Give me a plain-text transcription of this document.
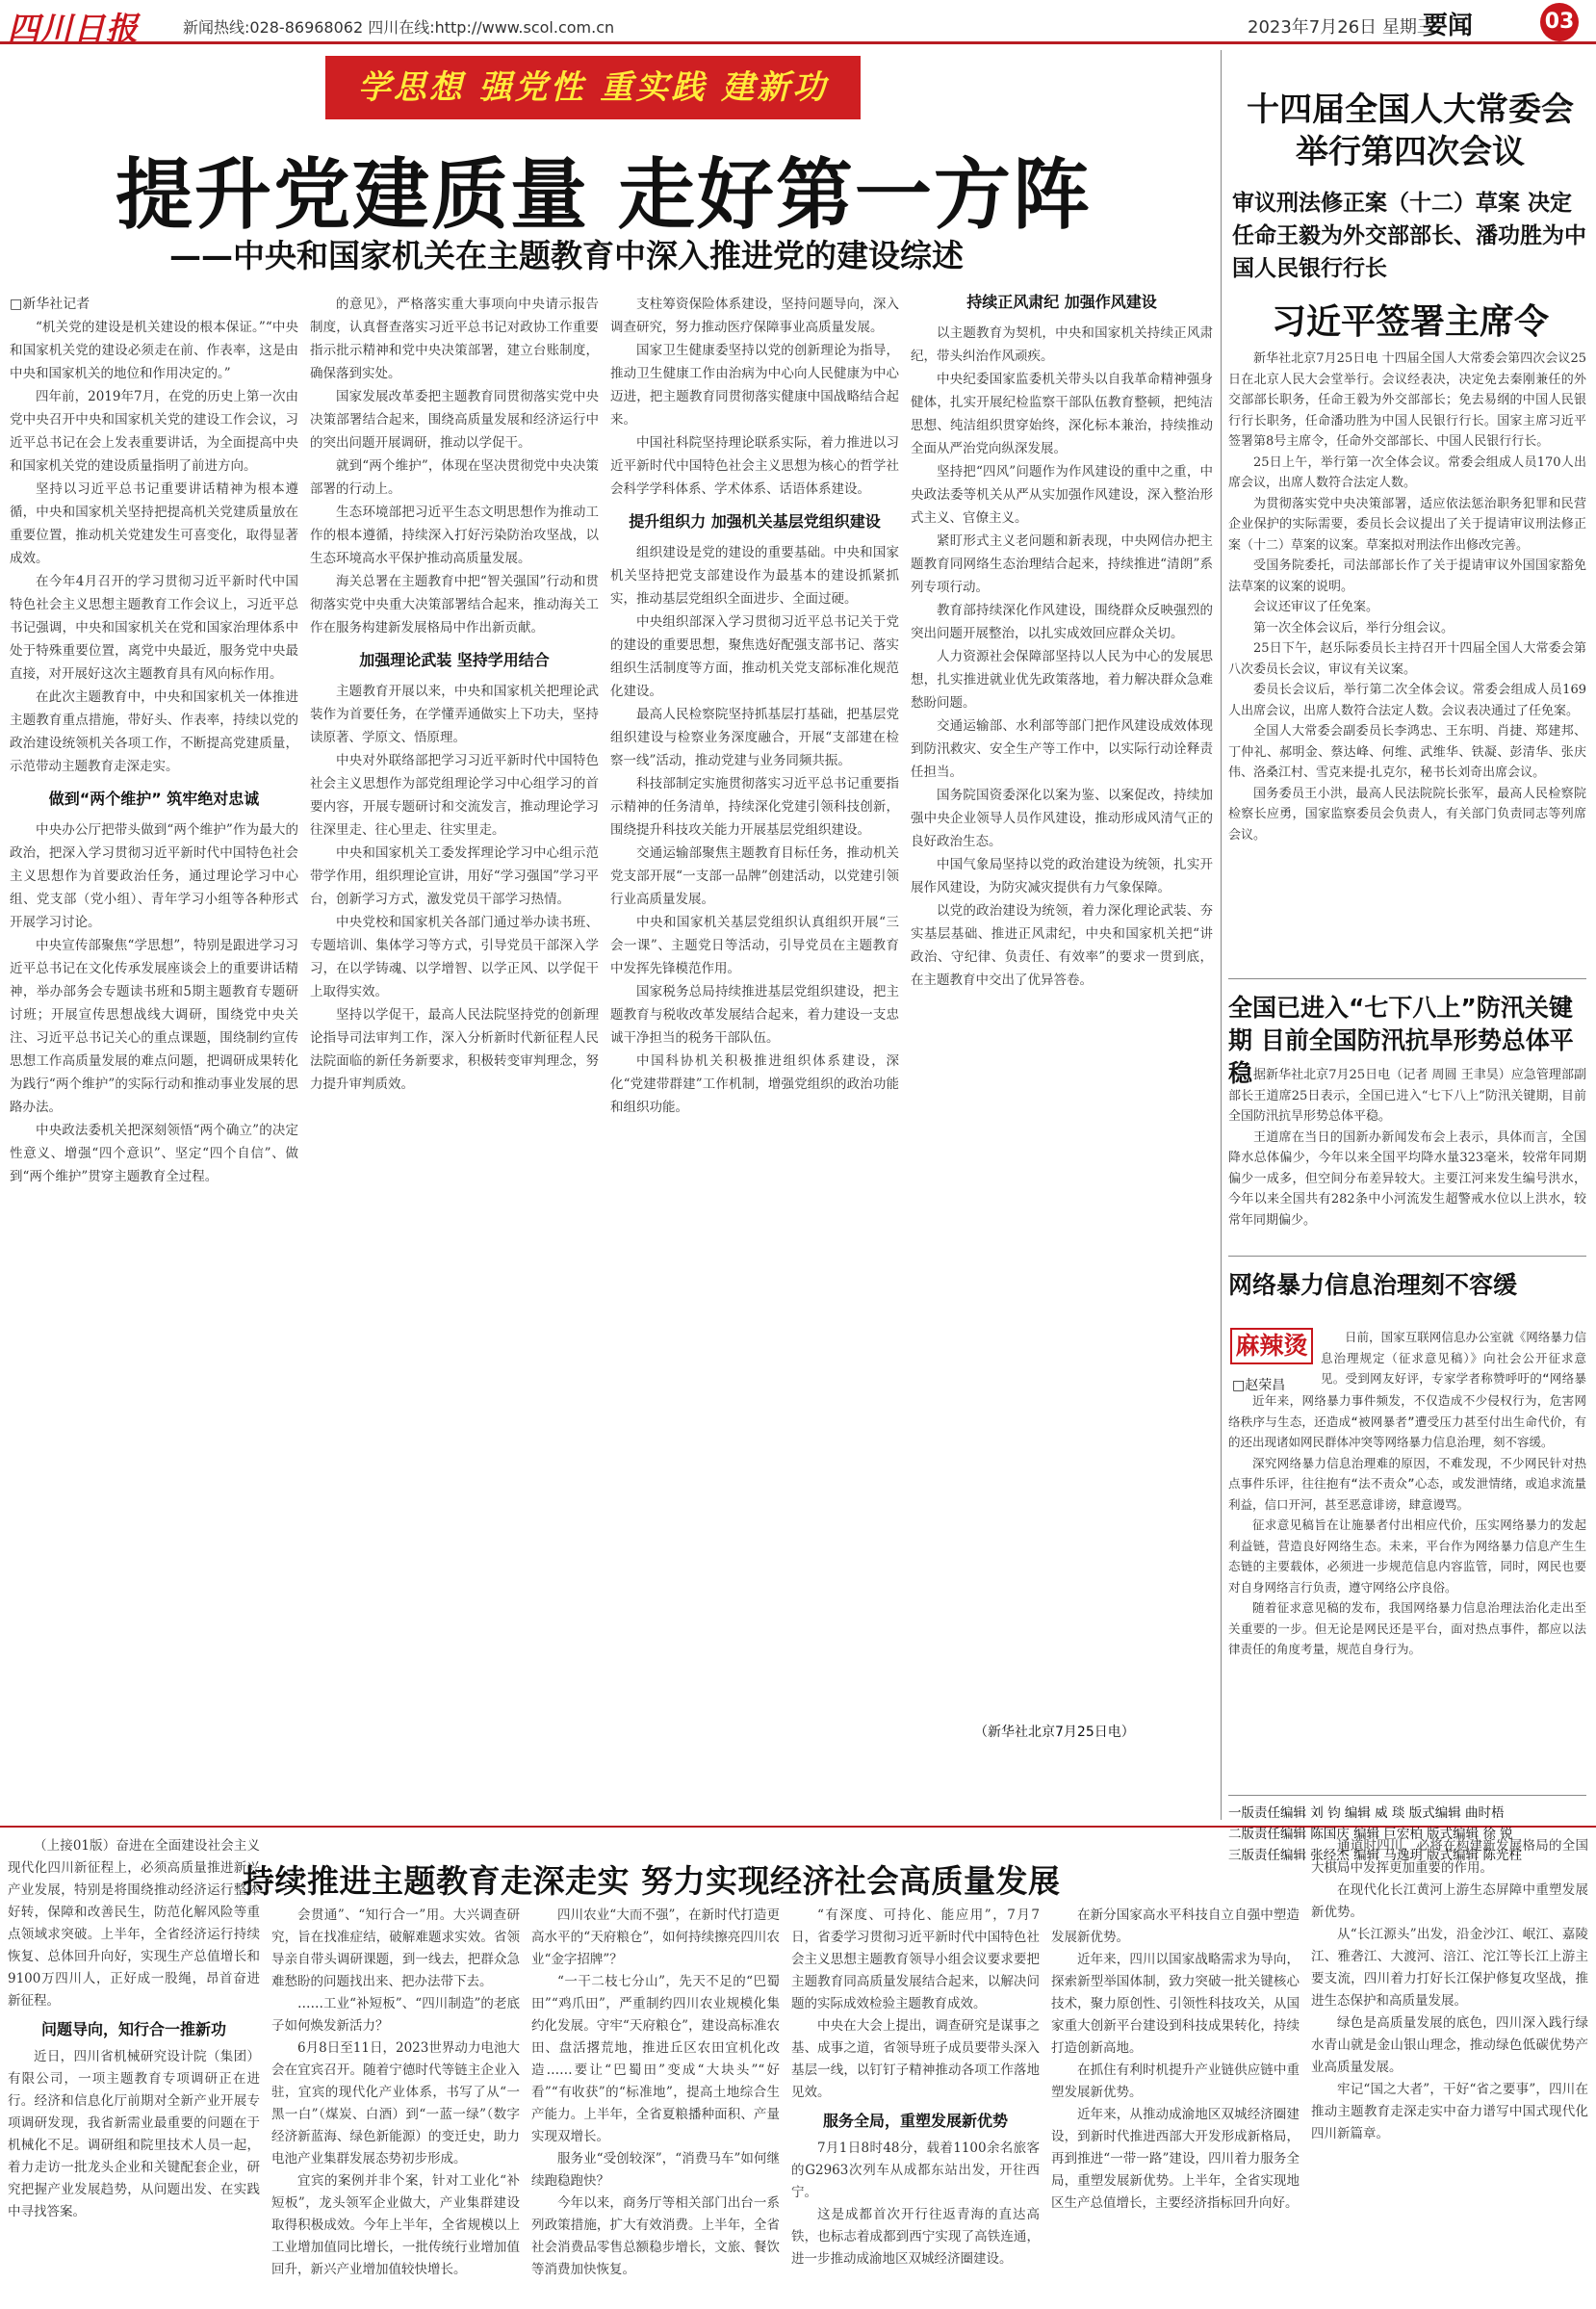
四川日报	新闻热线:028-86968062 四川在线:http://www.scol.com.cn	2023年7月26日 星期三
要闻	03
学思想 强党性 重实践 建新功
提升党建质量 走好第一方阵
——中央和国家机关在主题教育中深入推进党的建设综述

□新华社记者

“机关党的建设是机关建设的根本保证。”“中央和国家机关党的建设必须走在前、作表率，这是由中央和国家机关的地位和作用决定的。”

四年前，2019年7月，在党的历史上第一次由党中央召开中央和国家机关党的建设工作会议，习近平总书记在会上发表重要讲话，为全面提高中央和国家机关党的建设质量指明了前进方向。

坚持以习近平总书记重要讲话精神为根本遵循，中央和国家机关坚持把提高机关党建质量放在重要位置，推动机关党建发生可喜变化，取得显著成效。

在今年4月召开的学习贯彻习近平新时代中国特色社会主义思想主题教育工作会议上，习近平总书记强调，中央和国家机关在党和国家治理体系中处于特殊重要位置，离党中央最近，服务党中央最直接，对开展好这次主题教育具有风向标作用。

在此次主题教育中，中央和国家机关一体推进主题教育重点措施，带好头、作表率，持续以党的政治建设统领机关各项工作，不断提高党建质量，示范带动主题教育走深走实。

做到“两个维护” 筑牢绝对忠诚

中央办公厅把带头做到“两个维护”作为最大的政治，把深入学习贯彻习近平新时代中国特色社会主义思想作为首要政治任务，通过理论学习中心组、党支部（党小组）、青年学习小组等各种形式开展学习讨论。

中央宣传部聚焦“学思想”，特别是跟进学习习近平总书记在文化传承发展座谈会上的重要讲话精神，举办部务会专题读书班和5期主题教育专题研讨班；开展宣传思想战线大调研，围绕党中央关注、习近平总书记关心的重点课题，围绕制约宣传思想工作高质量发展的难点问题，把调研成果转化为践行“两个维护”的实际行动和推动事业发展的思路办法。

中央政法委机关把深刻领悟“两个确立”的决定性意义、增强“四个意识”、坚定“四个自信”、做到“两个维护”贯穿主题教育全过程。

的意见》，严格落实重大事项向中央请示报告制度，认真督查落实习近平总书记对政协工作重要指示批示精神和党中央决策部署，建立台账制度，确保落到实处。

国家发展改革委把主题教育同贯彻落实党中央决策部署结合起来，围绕高质量发展和经济运行中的突出问题开展调研，推动以学促干。

就到“两个维护”，体现在坚决贯彻党中央决策部署的行动上。

生态环境部把习近平生态文明思想作为推动工作的根本遵循，持续深入打好污染防治攻坚战，以生态环境高水平保护推动高质量发展。

海关总署在主题教育中把“智关强国”行动和贯彻落实党中央重大决策部署结合起来，推动海关工作在服务构建新发展格局中作出新贡献。

加强理论武装 坚持学用结合

主题教育开展以来，中央和国家机关把理论武装作为首要任务，在学懂弄通做实上下功夫，坚持读原著、学原文、悟原理。

中央对外联络部把学习习近平新时代中国特色社会主义思想作为部党组理论学习中心组学习的首要内容，开展专题研讨和交流发言，推动理论学习往深里走、往心里走、往实里走。

中央和国家机关工委发挥理论学习中心组示范带学作用，组织理论宣讲，用好“学习强国”学习平台，创新学习方式，激发党员干部学习热情。

中央党校和国家机关各部门通过举办读书班、专题培训、集体学习等方式，引导党员干部深入学习，在以学铸魂、以学增智、以学正风、以学促干上取得实效。

坚持以学促干，最高人民法院坚持党的创新理论指导司法审判工作，深入分析新时代新征程人民法院面临的新任务新要求，积极转变审判理念，努力提升审判质效。

支柱筹资保险体系建设，坚持问题导向，深入调查研究，努力推动医疗保障事业高质量发展。

国家卫生健康委坚持以党的创新理论为指导，推动卫生健康工作由治病为中心向人民健康为中心迈进，把主题教育同贯彻落实健康中国战略结合起来。

中国社科院坚持理论联系实际，着力推进以习近平新时代中国特色社会主义思想为核心的哲学社会科学学科体系、学术体系、话语体系建设。

提升组织力 加强机关基层党组织建设

组织建设是党的建设的重要基础。中央和国家机关坚持把党支部建设作为最基本的建设抓紧抓实，推动基层党组织全面进步、全面过硬。

中央组织部深入学习贯彻习近平总书记关于党的建设的重要思想，聚焦选好配强支部书记、落实组织生活制度等方面，推动机关党支部标准化规范化建设。

最高人民检察院坚持抓基层打基础，把基层党组织建设与检察业务深度融合，开展“支部建在检察一线”活动，推动党建与业务同频共振。

科技部制定实施贯彻落实习近平总书记重要指示精神的任务清单，持续深化党建引领科技创新，围绕提升科技攻关能力开展基层党组织建设。

交通运输部聚焦主题教育目标任务，推动机关党支部开展“一支部一品牌”创建活动，以党建引领行业高质量发展。

中央和国家机关基层党组织认真组织开展“三会一课”、主题党日等活动，引导党员在主题教育中发挥先锋模范作用。

国家税务总局持续推进基层党组织建设，把主题教育与税收改革发展结合起来，着力建设一支忠诚干净担当的税务干部队伍。

中国科协机关积极推进组织体系建设，深化“党建带群建”工作机制，增强党组织的政治功能和组织功能。

持续正风肃纪 加强作风建设

以主题教育为契机，中央和国家机关持续正风肃纪，带头纠治作风顽疾。

中央纪委国家监委机关带头以自我革命精神强身健体，扎实开展纪检监察干部队伍教育整顿，把纯洁思想、纯洁组织贯穿始终，深化标本兼治，持续推动全面从严治党向纵深发展。

坚持把“四风”问题作为作风建设的重中之重，中央政法委等机关从严从实加强作风建设，深入整治形式主义、官僚主义。

紧盯形式主义老问题和新表现，中央网信办把主题教育同网络生态治理结合起来，持续推进“清朗”系列专项行动。

教育部持续深化作风建设，围绕群众反映强烈的突出问题开展整治，以扎实成效回应群众关切。

人力资源社会保障部坚持以人民为中心的发展思想，扎实推进就业优先政策落地，着力解决群众急难愁盼问题。

交通运输部、水利部等部门把作风建设成效体现到防汛救灾、安全生产等工作中，以实际行动诠释责任担当。

国务院国资委深化以案为鉴、以案促改，持续加强中央企业领导人员作风建设，推动形成风清气正的良好政治生态。

中国气象局坚持以党的政治建设为统领，扎实开展作风建设，为防灾减灾提供有力气象保障。

以党的政治建设为统领，着力深化理论武装、夯实基层基础、推进正风肃纪，中央和国家机关把“讲政治、守纪律、负责任、有效率”的要求一贯到底，在主题教育中交出了优异答卷。

（新华社北京7月25日电）
十四届全国人大常委会举行第四次会议
审议刑法修正案（十二）草案 决定任命王毅为外交部部长、潘功胜为中国人民银行行长
习近平签署主席令

新华社北京7月25日电 十四届全国人大常委会第四次会议25日在北京人民大会堂举行。会议经表决，决定免去秦刚兼任的外交部部长职务，任命王毅为外交部部长；免去易纲的中国人民银行行长职务，任命潘功胜为中国人民银行行长。国家主席习近平签署第8号主席令，任命外交部部长、中国人民银行行长。

25日上午，举行第一次全体会议。常委会组成人员170人出席会议，出席人数符合法定人数。

为贯彻落实党中央决策部署，适应依法惩治职务犯罪和民营企业保护的实际需要，委员长会议提出了关于提请审议刑法修正案（十二）草案的议案。草案拟对刑法作出修改完善。

受国务院委托，司法部部长作了关于提请审议外国国家豁免法草案的议案的说明。

会议还审议了任免案。

第一次全体会议后，举行分组会议。

25日下午，赵乐际委员长主持召开十四届全国人大常委会第八次委员长会议，审议有关议案。

委员长会议后，举行第二次全体会议。常委会组成人员169人出席会议，出席人数符合法定人数。会议表决通过了任免案。

全国人大常委会副委员长李鸿忠、王东明、肖捷、郑建邦、丁仲礼、郝明金、蔡达峰、何维、武维华、铁凝、彭清华、张庆伟、洛桑江村、雪克来提·扎克尔，秘书长刘奇出席会议。

国务委员王小洪，最高人民法院院长张军，最高人民检察院检察长应勇，国家监察委员会负责人，有关部门负责同志等列席会议。

全国已进入“七下八上”防汛关键期 目前全国防汛抗旱形势总体平稳 据新华社北京7月25日电（记者 周圆 王聿昊）应急管理部副部长王道席25日表示，全国已进入“七下八上”防汛关键期，目前全国防汛抗旱形势总体平稳。

王道席在当日的国新办新闻发布会上表示，具体而言，全国降水总体偏少，今年以来全国平均降水量323毫米，较常年同期偏少一成多，但空间分布差异较大。主要江河来发生编号洪水，今年以来全国共有282条中小河流发生超警戒水位以上洪水，较常年同期偏少。

网络暴力信息治理刻不容缓
麻辣烫
□赵荣昌

日前，国家互联网信息办公室就《网络暴力信息治理规定（征求意见稿）》向社会公开征求意见。受到网友好评，专家学者称赞呼吁的“网络暴

近年来，网络暴力事件频发，不仅造成不少侵权行为，危害网络秩序与生态，还造成“被网暴者”遭受压力甚至付出生命代价，有的还出现诸如网民群体冲突等网络暴力信息治理，刻不容缓。

深究网络暴力信息治理难的原因，不难发现，不少网民针对热点事件乐评，往往抱有“法不责众”心态，或发泄情绪，或追求流量利益，信口开河，甚至恶意诽谤，肆意谩骂。

征求意见稿旨在让施暴者付出相应代价，压实网络暴力的发起利益链，营造良好网络生态。未来，平台作为网络暴力信息产生生态链的主要载体，必须进一步规范信息内容监管，同时，网民也要对自身网络言行负责，遵守网络公序良俗。

随着征求意见稿的发布，我国网络暴力信息治理法治化走出至关重要的一步。但无论是网民还是平台，面对热点事件，都应以法律责任的角度考量，规范自身行为。

一版责任编辑 刘 钧 编辑 威 琰 版式编辑 曲时梧
二版责任编辑 陈国庆 编辑 巨宏柏 版式编辑 徐 锐
三版责任编辑 张经杰 编辑 马逸玥 版式编辑 陈光柱
持续推进主题教育走深走实 努力实现经济社会高质量发展

（上接01版）奋进在全面建设社会主义现代化四川新征程上，必须高质量推进新兴产业发展，特别是将围绕推动经济运行整体好转，保障和改善民生，防范化解风险等重点领域求突破。上半年，全省经济运行持续恢复、总体回升向好，实现生产总值增长和9100万四川人，正好成一股绳，昂首奋进新征程。

问题导向，知行合一推新功

近日，四川省机械研究设计院（集团）有限公司，一项主题教育专项调研正在进行。经济和信息化厅前期对全新产业开展专项调研发现，我省新需业最重要的问题在于机械化不足。调研组和院里技术人员一起，着力走访一批龙头企业和关键配套企业，研究把握产业发展趋势，从问题出发、在实践中寻找答案。

会贯通”、“知行合一”用。大兴调查研究，旨在找准症结，破解难题求实效。省领导亲自带头调研课题，到一线去，把群众急难愁盼的问题找出来、把办法带下去。

……工业“补短板”、“四川制造”的老底子如何焕发新活力？

6月8日至11日，2023世界动力电池大会在宜宾召开。随着宁德时代等链主企业入驻，宜宾的现代化产业体系，书写了从“一黑一白”（煤炭、白酒）到“一蓝一绿”（数字经济新蓝海、绿色新能源）的变迁史，助力电池产业集群发展态势初步形成。

宜宾的案例并非个案，针对工业化“补短板”，龙头领军企业做大，产业集群建设取得积极成效。今年上半年，全省规模以上工业增加值同比增长，一批传统行业增加值回升，新兴产业增加值较快增长。

四川农业“大而不强”，在新时代打造更高水平的“天府粮仓”，如何持续擦亮四川农业“金字招牌”？

“一干二枝七分山”，先天不足的“巴蜀田”“鸡爪田”，严重制约四川农业规模化集约化发展。守牢“天府粮仓”，建设高标准农田、盘活撂荒地，推进丘区农田宜机化改造……要让“巴蜀田”变成“大块头”“好看”“有收获”的“标准地”，提高土地综合生产能力。上半年，全省夏粮播种面积、产量实现双增长。

服务业“受创较深”，“消费马车”如何继续跑稳跑快？

今年以来，商务厅等相关部门出台一系列政策措施，扩大有效消费。上半年，全省社会消费品零售总额稳步增长，文旅、餐饮等消费加快恢复。

“有深度、可持化、能应用”，7月7日，省委学习贯彻习近平新时代中国特色社会主义思想主题教育领导小组会议要求要把主题教育同高质量发展结合起来，以解决问题的实际成效检验主题教育成效。

中央在大会上提出，调查研究是谋事之基、成事之道，省领导班子成员要带头深入基层一线，以钉钉子精神推动各项工作落地见效。

服务全局，重塑发展新优势

7月1日8时48分，载着1100余名旅客的G2963次列车从成都东站出发，开往西宁。

这是成都首次开行往返青海的直达高铁，也标志着成都到西宁实现了高铁连通，进一步推动成渝地区双城经济圈建设。

在新分国家高水平科技自立自强中塑造发展新优势。

近年来，四川以国家战略需求为导向，探索新型举国体制，致力突破一批关键核心技术，聚力原创性、引领性科技攻关，从国家重大创新平台建设到科技成果转化，持续打造创新高地。

在抓住有利时机提升产业链供应链中重塑发展新优势。

近年来，从推动成渝地区双城经济圈建设，到新时代推进西部大开发形成新格局，再到推进“一带一路”建设，四川着力服务全局，重塑发展新优势。上半年，全省实现地区生产总值增长，主要经济指标回升向好。

通道时四川，必将在构建新发展格局的全国大棋局中发挥更加重要的作用。

在现代化长江黄河上游生态屏障中重塑发展新优势。

从“长江源头”出发，沿金沙江、岷江、嘉陵江、雅砻江、大渡河、涪江、沱江等长江上游主要支流，四川着力打好长江保护修复攻坚战，推进生态保护和高质量发展。

绿色是高质量发展的底色，四川深入践行绿水青山就是金山银山理念，推动绿色低碳优势产业高质量发展。

牢记“国之大者”，干好“省之要事”，四川在推动主题教育走深走实中奋力谱写中国式现代化四川新篇章。
